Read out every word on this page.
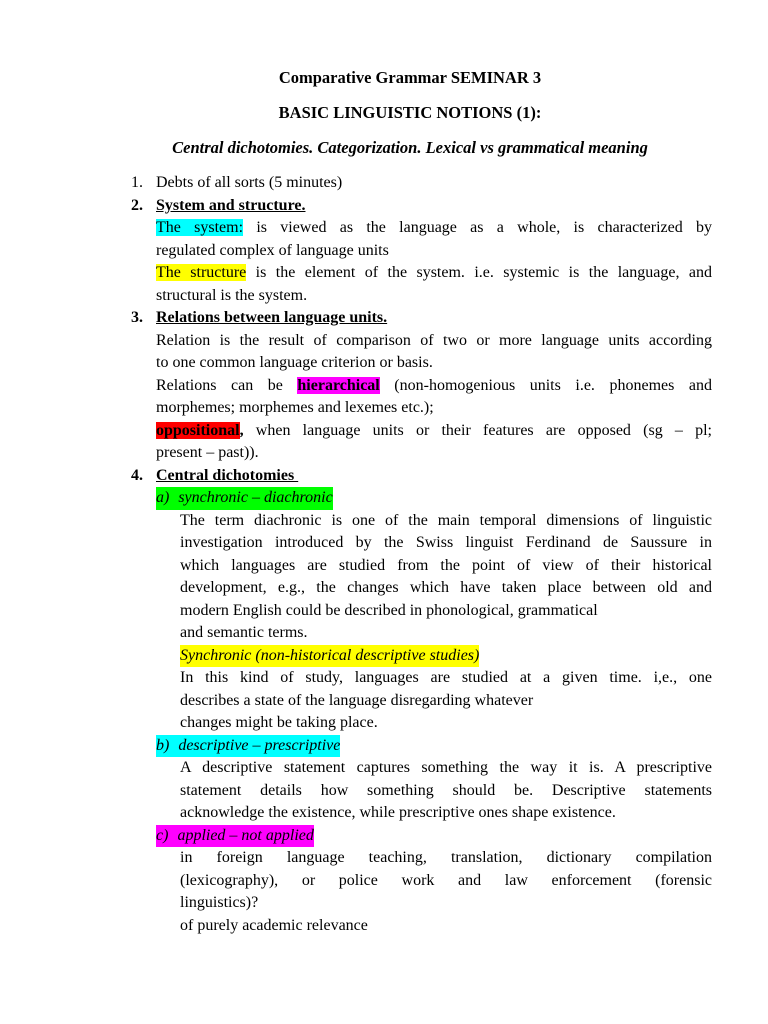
Comparative Grammar SEMINAR 3
BASIC LINGUISTIC NOTIONS (1):
Central dichotomies. Categorization. Lexical vs grammatical meaning
1. Debts of all sorts (5 minutes)
2. System and structure.
The system: is viewed as the language as a whole, is characterized by
regulated complex of language units
The structure is the element of the system. i.e. systemic is the language, and
structural is the system.
3. Relations between language units.
Relation is the result of comparison of two or more language units according
to one common language criterion or basis.
Relations can be hierarchical (non-homogenious units i.e. phonemes and
morphemes; morphemes and lexemes etc.);
oppositional, when language units or their features are opposed (sg – pl;
present – past)).
4. Central dichotomies
a) synchronic – diachronic
The term diachronic is one of the main temporal dimensions of linguistic
investigation introduced by the Swiss linguist Ferdinand de Saussure in
which languages are studied from the point of view of their historical
development, e.g., the changes which have taken place between old and
modern English could be described in phonological, grammatical
and semantic terms.
Synchronic (non-historical descriptive studies)
In this kind of study, languages are studied at a given time. i,e., one
describes a state of the language disregarding whatever
changes might be taking place.
b) descriptive – prescriptive
A descriptive statement captures something the way it is. A prescriptive
statement details how something should be. Descriptive statements
acknowledge the existence, while prescriptive ones shape existence.
c) applied – not applied
in foreign language teaching, translation, dictionary compilation
(lexicography), or police work and law enforcement (forensic
linguistics)?
of purely academic relevance
